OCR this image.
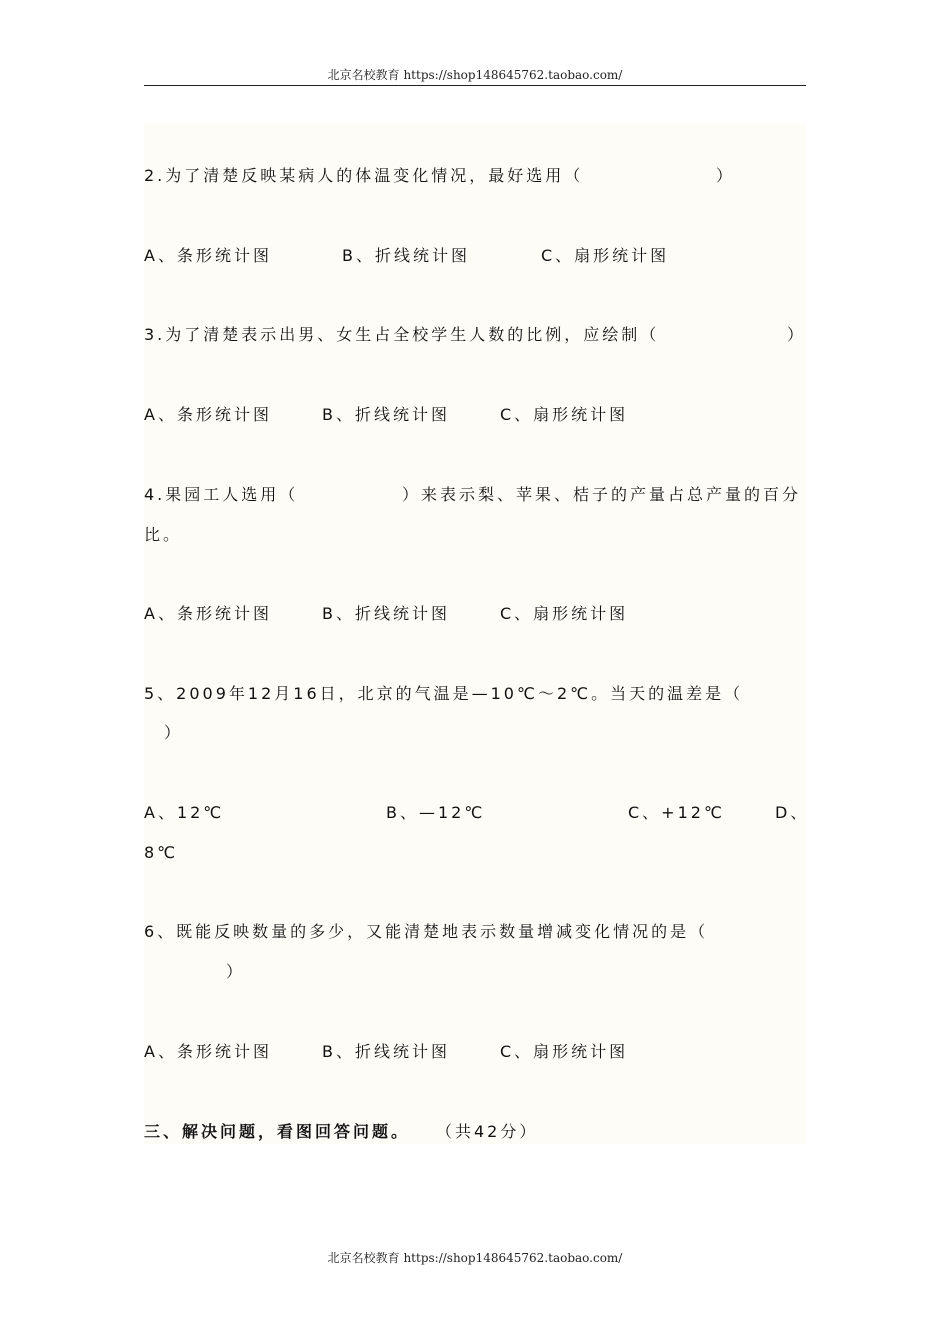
北京名校教育 https://shop148645762.taobao.com/
2.为了清楚反映某病人的体温变化情况，最好选用（	）
A、条形统计图	B、折线统计图	C、扇形统计图
3.为了清楚表示出男、女生占全校学生人数的比例，应绘制（	）
A、条形统计图	B、折线统计图	C、扇形统计图
4.果园工人选用（	）来表示梨、苹果、桔子的产量占总产量的百分
比。
A、条形统计图	B、折线统计图	C、扇形统计图
5、2009年12月16日，北京的气温是—10℃～2℃。当天的温差是（
）
A、12℃	B、—12℃	C、+12℃	D、
8℃
6、既能反映数量的多少，又能清楚地表示数量增减变化情况的是（
）
A、条形统计图	B、折线统计图	C、扇形统计图
三、解决问题，看图回答问题。 （共42分）
北京名校教育 https://shop148645762.taobao.com/
